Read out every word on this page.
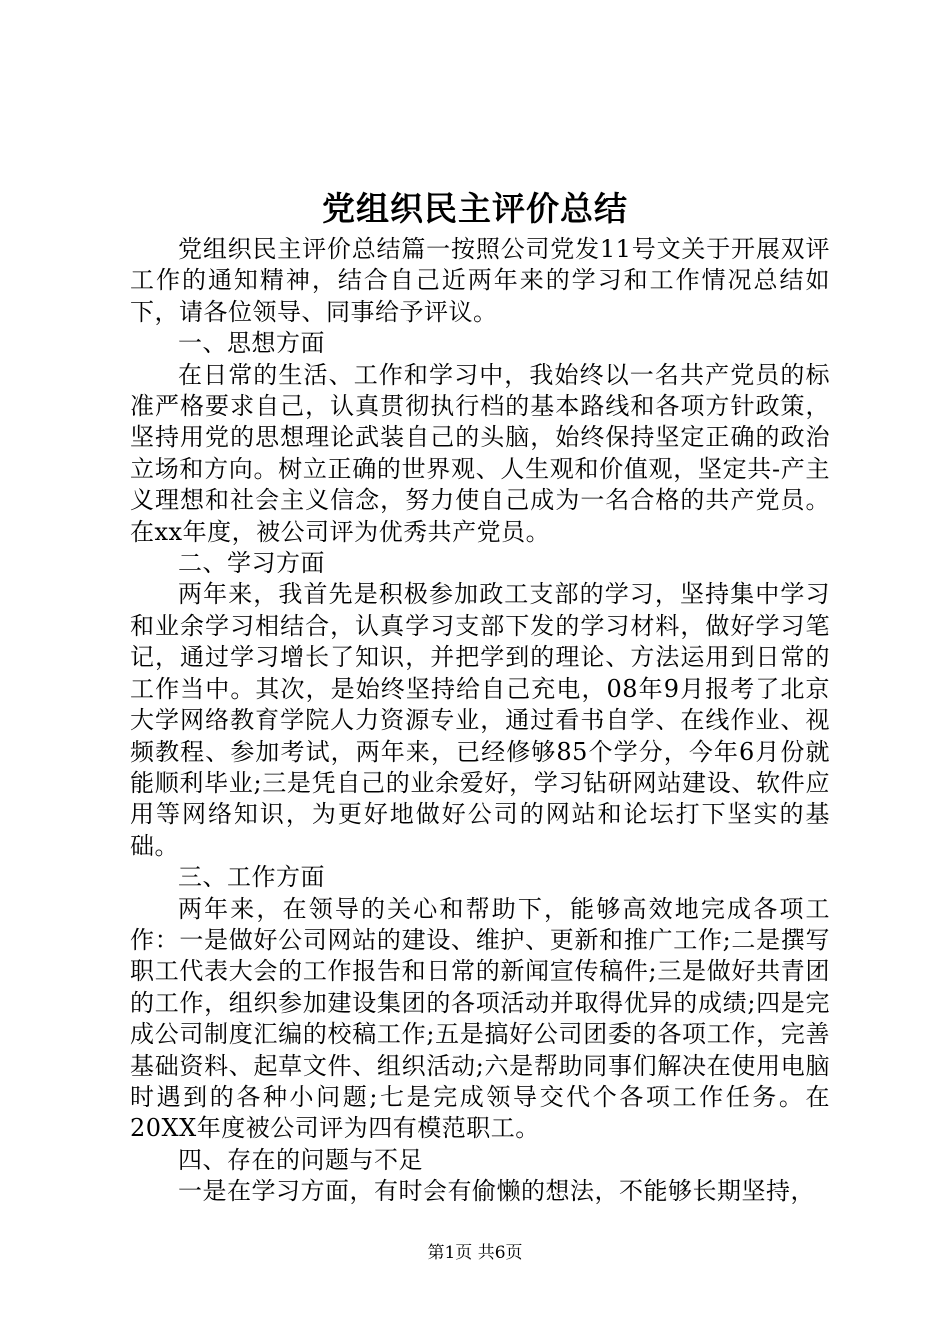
党组织民主评价总结

党组织民主评价总结篇一按照公司党发11号文关于开展双评工作的通知精神，结合自己近两年来的学习和工作情况总结如下，请各位领导、同事给予评议。

一、思想方面

在日常的生活、工作和学习中，我始终以一名共产党员的标准严格要求自己，认真贯彻执行档的基本路线和各项方针政策，坚持用党的思想理论武装自己的头脑，始终保持坚定正确的政治立场和方向。树立正确的世界观、人生观和价值观，坚定共-产主义理想和社会主义信念，努力使自己成为一名合格的共产党员。在xx年度，被公司评为优秀共产党员。

二、学习方面

两年来，我首先是积极参加政工支部的学习，坚持集中学习和业余学习相结合，认真学习支部下发的学习材料，做好学习笔记，通过学习增长了知识，并把学到的理论、方法运用到日常的工作当中。其次，是始终坚持给自己充电，08年9月报考了北京大学网络教育学院人力资源专业，通过看书自学、在线作业、视频教程、参加考试，两年来，已经修够85个学分，今年6月份就能顺利毕业;三是凭自己的业余爱好，学习钻研网站建设、软件应用等网络知识，为更好地做好公司的网站和论坛打下坚实的基础。

三、工作方面

两年来，在领导的关心和帮助下，能够高效地完成各项工作：一是做好公司网站的建设、维护、更新和推广工作;二是撰写职工代表大会的工作报告和日常的新闻宣传稿件;三是做好共青团的工作，组织参加建设集团的各项活动并取得优异的成绩;四是完成公司制度汇编的校稿工作;五是搞好公司团委的各项工作，完善基础资料、起草文件、组织活动;六是帮助同事们解决在使用电脑时遇到的各种小问题;七是完成领导交代个各项工作任务。在20XX年度被公司评为四有模范职工。

四、存在的问题与不足

一是在学习方面，有时会有偷懒的想法，不能够长期坚持，

第1页 共6页
